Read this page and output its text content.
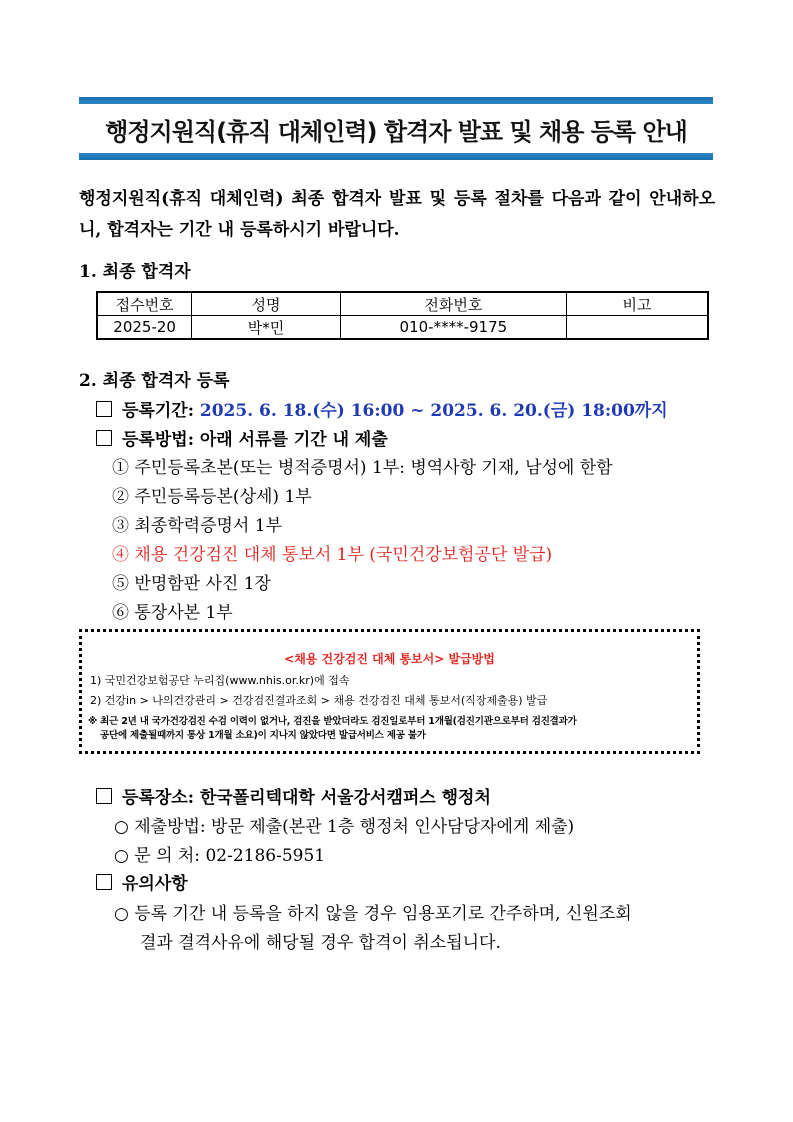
행정지원직(휴직 대체인력) 합격자 발표 및 채용 등록 안내
행정지원직(휴직 대체인력) 최종 합격자 발표 및 등록 절차를 다음과 같이 안내하오니, 합격자는 기간 내 등록하시기 바랍니다.
1. 최종 합격자
접수번호	성명	전화번호	비고
2025-20	박*민	010-****-9175	
2. 최종 합격자 등록
등록기간: 2025. 6. 18.(수) 16:00 ~ 2025. 6. 20.(금) 18:00까지
등록방법: 아래 서류를 기간 내 제출
① 주민등록초본(또는 병적증명서) 1부: 병역사항 기재, 남성에 한함
② 주민등록등본(상세) 1부
③ 최종학력증명서 1부
④ 채용 건강검진 대체 통보서 1부 (국민건강보험공단 발급)
⑤ 반명함판 사진 1장
⑥ 통장사본 1부
<채용 건강검진 대체 통보서> 발급방법
1) 국민건강보험공단 누리집(www.nhis.or.kr)에 접속
2) 건강in > 나의건강관리 > 건강검진결과조회 > 채용 건강검진 대체 통보서(직장제출용) 발급
※ 최근 2년 내 국가건강검진 수검 이력이 없거나, 검진을 받았더라도 검진일로부터 1개월(검진기관으로부터 검진결과가
공단에 제출될때까지 통상 1개월 소요)이 지나지 않았다면 발급서비스 제공 불가
등록장소: 한국폴리텍대학 서울강서캠퍼스 행정처
○ 제출방법: 방문 제출(본관 1층 행정처 인사담당자에게 제출)
○ 문 의 처: 02-2186-5951
유의사항
○ 등록 기간 내 등록을 하지 않을 경우 임용포기로 간주하며, 신원조회
결과 결격사유에 해당될 경우 합격이 취소됩니다.
